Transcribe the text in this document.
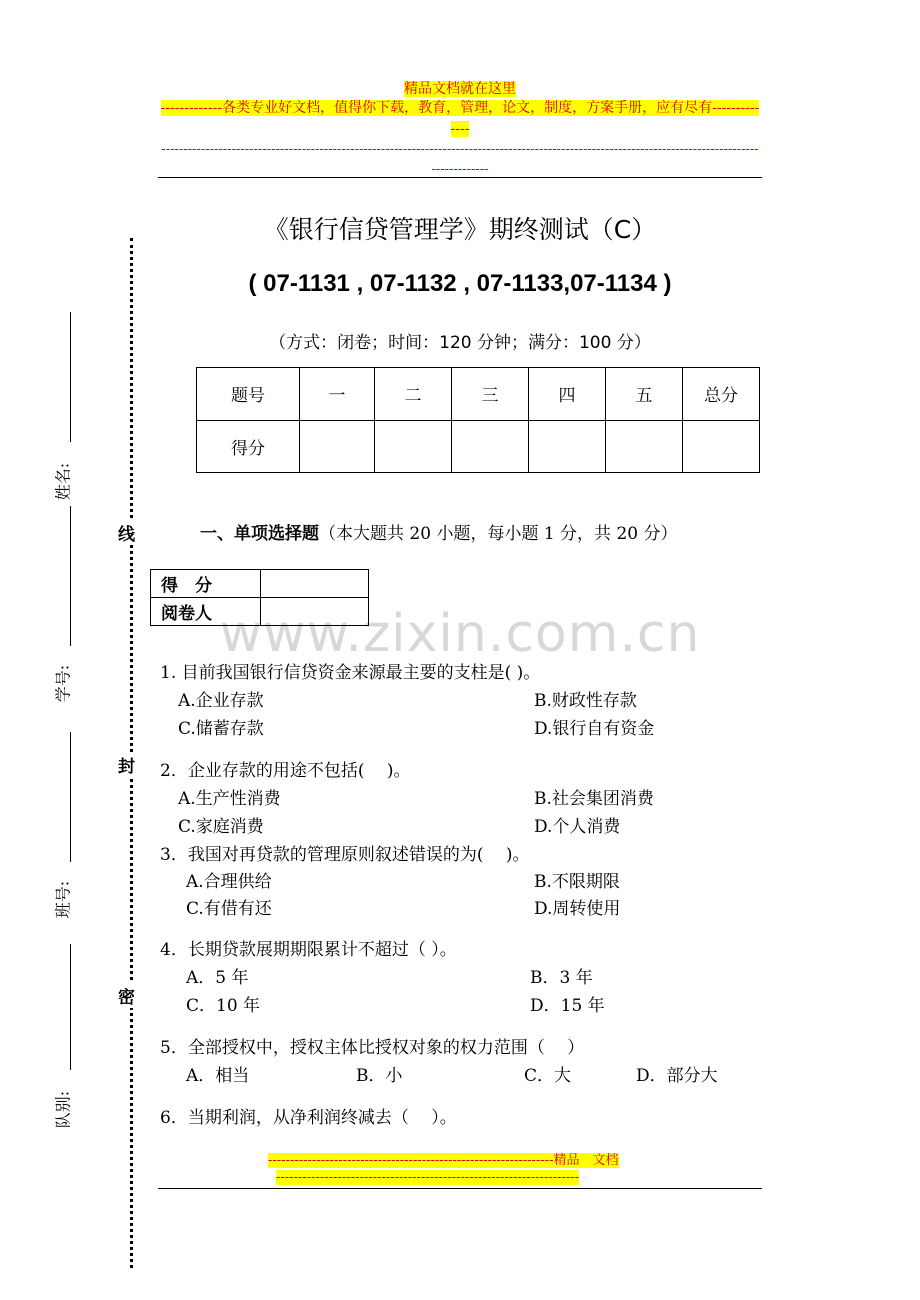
精品文档就在这里
-------------各类专业好文档，值得你下载，教育，管理，论文，制度，方案手册，应有尽有--------------
-----------------------------------------------------------------------------------------------------------------------------------------------------
www.zixin.com.cn
《银行信贷管理学》期终测试（C）
( 07-1131 , 07-1132 , 07-1133,07-1134 )
（方式：闭卷；时间：120 分钟；满分：100 分）
题号	一	二	三	四	五	总分
得分						
一、单项选择题（本大题共 20 小题，每小题 1 分，共 20 分）
得　分	
阅卷人	
1. 目前我国银行信贷资金来源最主要的支柱是( )。
A.企业存款	B.财政性存款
C.储蓄存款	D.银行自有资金
2．企业存款的用途不包括(　 )。
A.生产性消费	B.社会集团消费
C.家庭消费	D.个人消费
3．我国对再贷款的管理原则叙述错误的为(　 )。
A.合理供给	B.不限期限
C.有借有还	D.周转使用
4．长期贷款展期期限累计不超过（ ）。
A．5 年	B．3 年
C．10 年	D．15 年
5．全部授权中，授权主体比授权对象的权力范围（　 ）
A．相当	B．小	C．大	D．部分大
6．当期利润，从净利润终减去（　 ）。
-----------------------------------------------------------------精品　文档
---------------------------------------------------------------------
姓名:
学号:
班号:
队别:
线
封
密
